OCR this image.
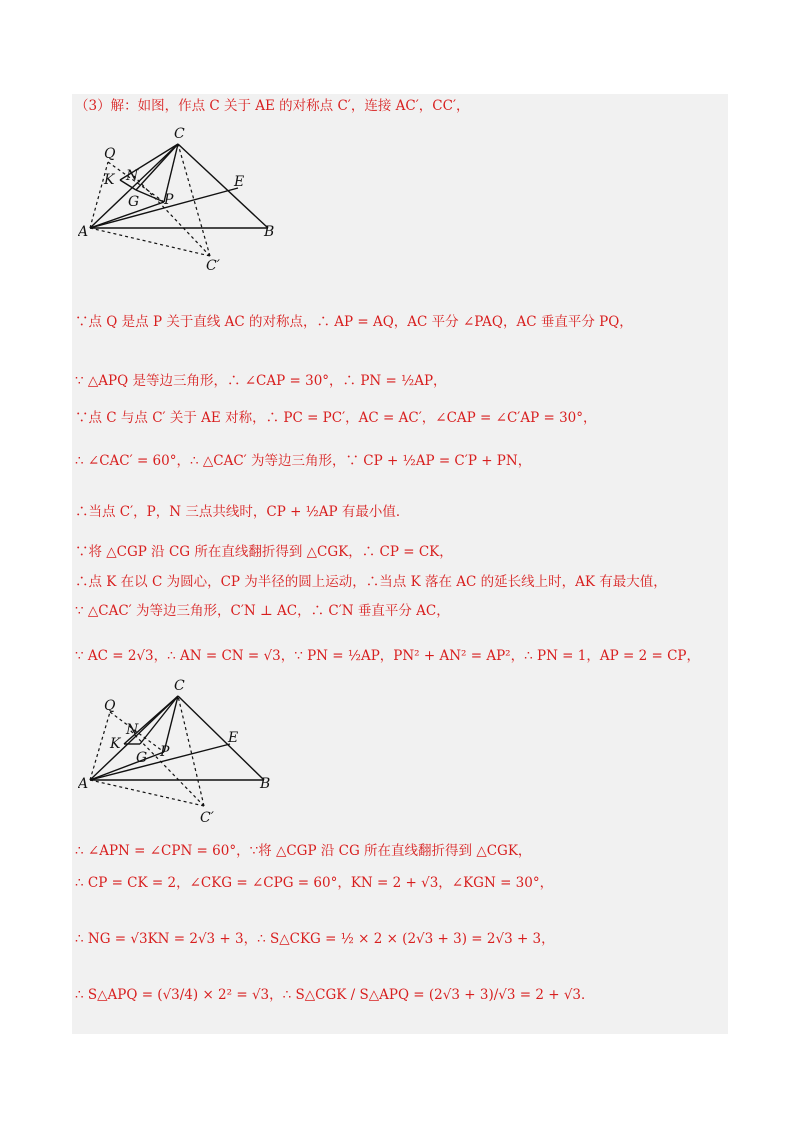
（3）解：如图，作点 C 关于 AE 的对称点 C′，连接 AC′，CC′，
Q
C
K N
G P
E
A	B
C′
∵点 Q 是点 P 关于直线 AC 的对称点，∴ AP = AQ，AC 平分 ∠PAQ，AC 垂直平分 PQ，
∵ △APQ 是等边三角形，∴ ∠CAP = 30°，∴ PN = ½AP，
∵点 C 与点 C′ 关于 AE 对称，∴ PC = PC′，AC = AC′，∠CAP = ∠C′AP = 30°，
∴ ∠CAC′ = 60°，∴ △CAC′ 为等边三角形，∵ CP + ½AP = C′P + PN，
∴当点 C′，P，N 三点共线时，CP + ½AP 有最小值．
∵将 △CGP 沿 CG 所在直线翻折得到 △CGK，∴ CP = CK，
∴点 K 在以 C 为圆心，CP 为半径的圆上运动，∴当点 K 落在 AC 的延长线上时，AK 有最大值，
∵ △CAC′ 为等边三角形，C′N ⊥ AC，∴ C′N 垂直平分 AC，
∵ AC = 2√3，∴ AN = CN = √3，∵ PN = ½AP，PN² + AN² = AP²，∴ PN = 1，AP = 2 = CP，
Q
C
N
K
G P
E
A	B
C′
∴ ∠APN = ∠CPN = 60°，∵将 △CGP 沿 CG 所在直线翻折得到 △CGK，
∴ CP = CK = 2，∠CKG = ∠CPG = 60°，KN = 2 + √3，∠KGN = 30°，
∴ NG = √3KN = 2√3 + 3，∴ S△CKG = ½ × 2 × (2√3 + 3) = 2√3 + 3，
∴ S△APQ = (√3/4) × 2² = √3，∴ S△CGK / S△APQ = (2√3 + 3)/√3 = 2 + √3．
